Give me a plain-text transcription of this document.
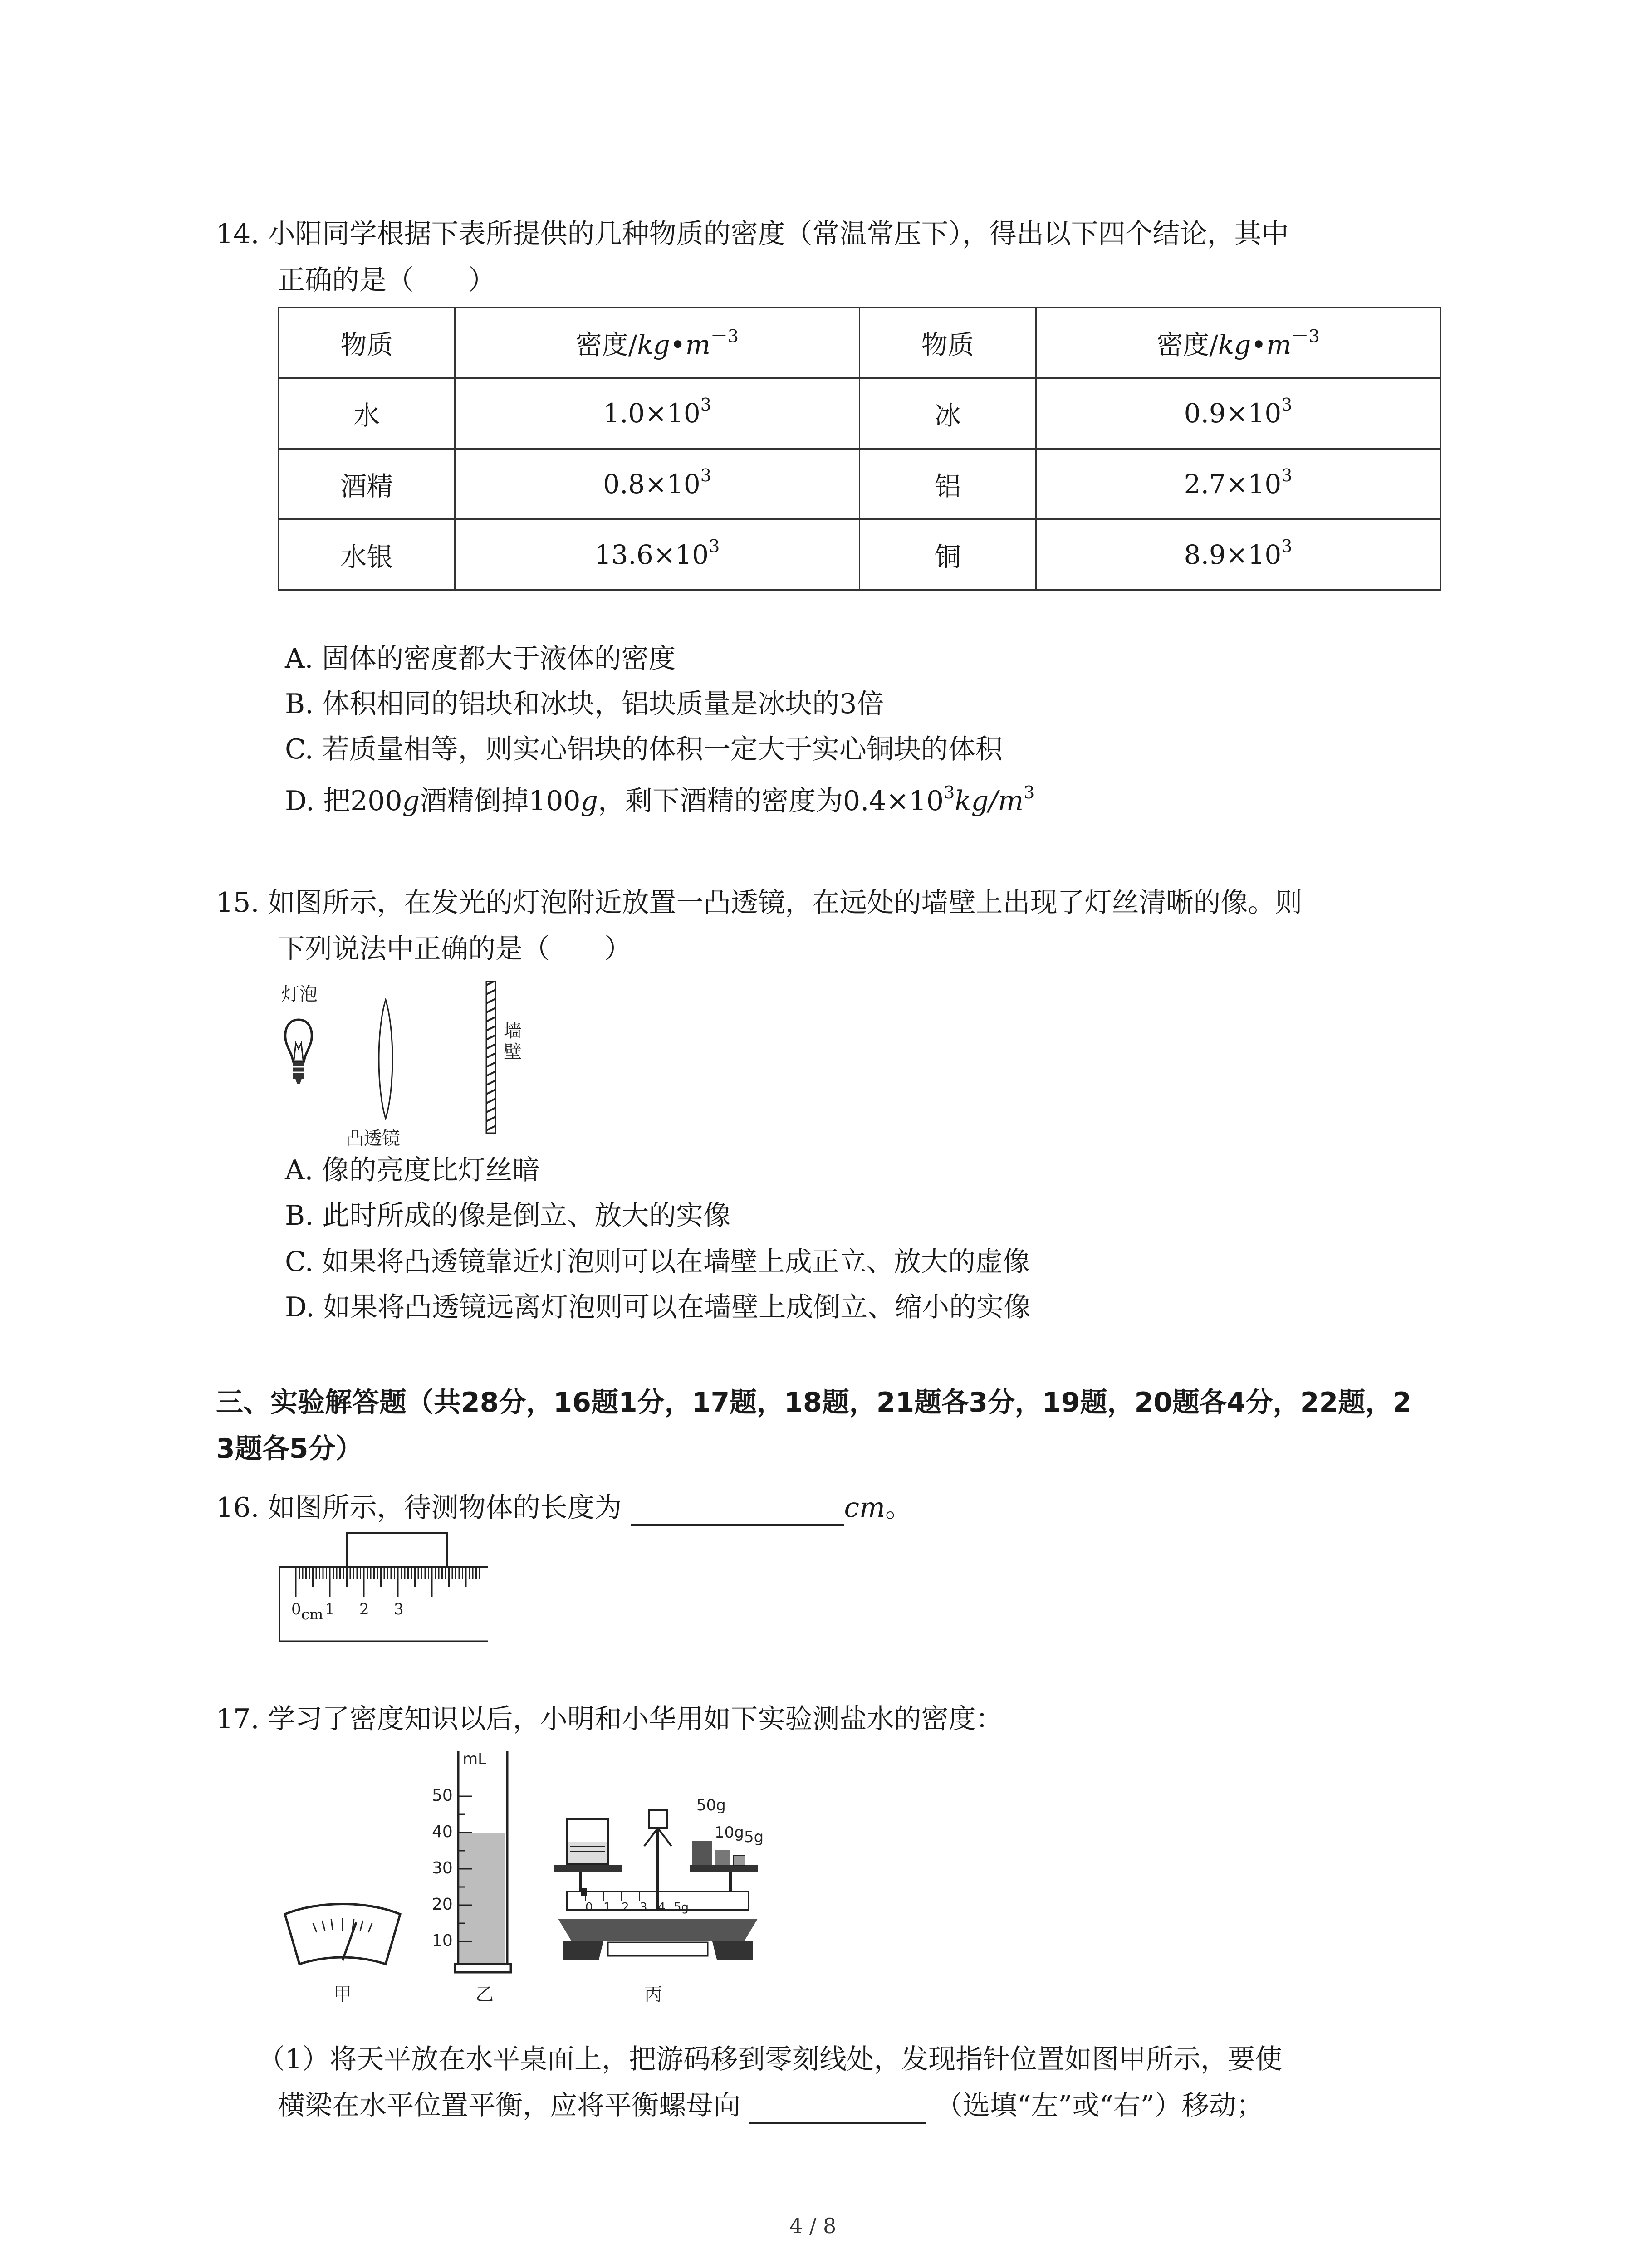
14. 小阳同学根据下表所提供的几种物质的密度（常温常压下），得出以下四个结论，其中
正确的是（　　）
物质	密度$/kg•m^{-3}$	物质	密度$/kg•m^{-3}$
水	$1.0\times 10^3$	冰	$0.9\times 10^3$
酒精	$0.8\times 10^3$	铝	$2.7\times 10^3$
水银	$13.6\times 10^3$	铜	$8.9\times 10^3$
A. 固体的密度都大于液体的密度
B. 体积相同的铝块和冰块，铝块质量是冰块的3倍
C. 若质量相等，则实心铝块的体积一定大于实心铜块的体积
D. 把200g酒精倒掉100g，剩下酒精的密度为$0.4\times 10^3kg/m^3$
15. 如图所示，在发光的灯泡附近放置一凸透镜，在远处的墙壁上出现了灯丝清晰的像。则
下列说法中正确的是（　　）
灯泡
凸透镜
墙壁
A. 像的亮度比灯丝暗
B. 此时所成的像是倒立、放大的实像
C. 如果将凸透镜靠近灯泡则可以在墙壁上成正立、放大的虚像
D. 如果将凸透镜远离灯泡则可以在墙壁上成倒立、缩小的实像
三、实验解答题（共28分，16题1分，17题，18题，21题各3分，19题，20题各4分，22题，2
3题各5分）
16. 如图所示，待测物体的长度为	cm。
0 cm 1 2 3
17. 学习了密度知识以后，小明和小华用如下实验测盐水的密度：
甲
mL
50
40
30
20
10
乙
50g
10g 5g
0 1 2 3 4 5g
丙
（1）将天平放在水平桌面上，把游码移到零刻线处，发现指针位置如图甲所示，要使
横梁在水平位置平衡，应将平衡螺母向	（选填“左”或“右”）移动；
4 / 8
